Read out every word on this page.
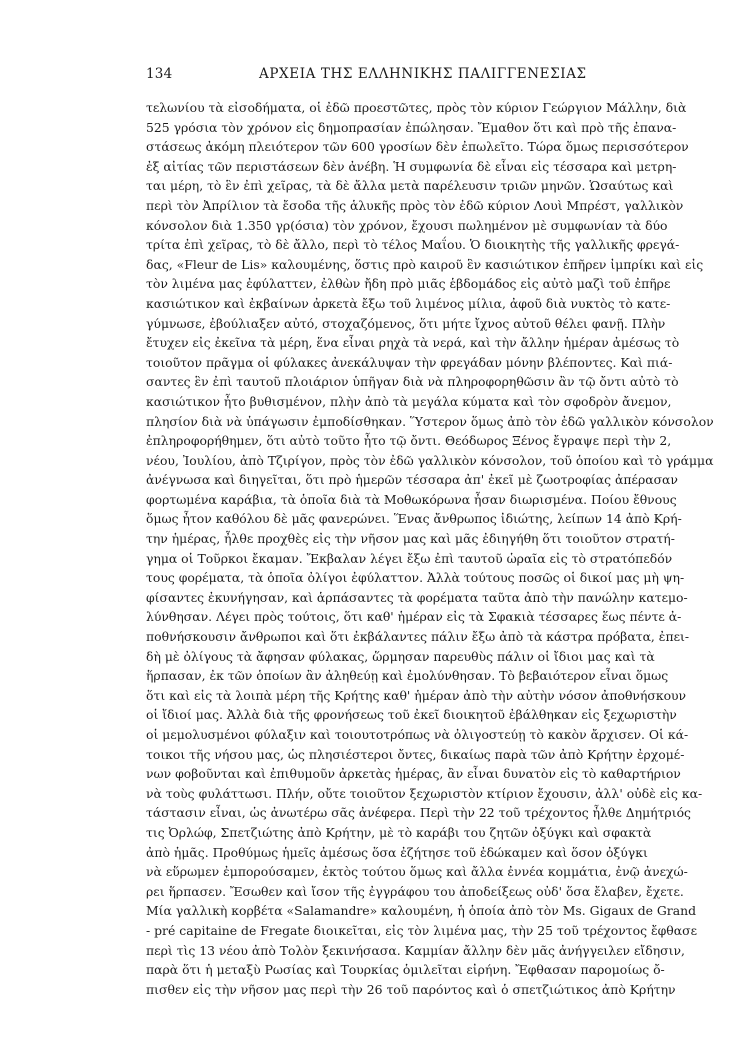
134	ΑΡΧΕΙΑ ΤΗΣ ΕΛΛΗΝΙΚΗΣ ΠΑΛΙΓΓΕΝΕΣΙΑΣ
τελωνίου τὰ εἰσοδήματα, οἱ ἐδῶ προεστῶτες, πρὸς τὸν κύριον Γεώργιον Μάλλην, διὰ
525 γρόσια τὸν χρόνον εἰς δημοπρασίαν ἐπώλησαν. Ἔμαθον ὅτι καὶ πρὸ τῆς ἐπανα-
στάσεως ἀκόμη πλειότερον τῶν 600 γροσίων δὲν ἐπωλεῖτο. Τώρα ὅμως περισσότερον
ἐξ αἰτίας τῶν περιστάσεων δὲν ἀνέβη. Ἡ συμφωνία δὲ εἶναι εἰς τέσσαρα καὶ μετρη-
ται μέρη, τὸ ἓν ἐπὶ χεῖρας, τὰ δὲ ἄλλα μετὰ παρέλευσιν τριῶν μηνῶν. Ὡσαύτως καὶ
περὶ τὸν Ἀπρίλιον τὰ ἔσοδα τῆς ἁλυκῆς πρὸς τὸν ἐδῶ κύριον Λουὶ Μπρέστ, γαλλικὸν
κόνσολον διὰ 1.350 γρ(όσια) τὸν χρόνον, ἔχουσι πωλημένον μὲ συμφωνίαν τὰ δύο
τρίτα ἐπὶ χεῖρας, τὸ δὲ ἄλλο, περὶ τὸ τέλος Μαΐου. Ὁ διοικητὴς τῆς γαλλικῆς φρεγά-
δας, «Fleur de Lis» καλουμένης, ὅστις πρὸ καιροῦ ἓν κασιώτικον ἐπῆρεν ἰμπρίκι καὶ εἰς
τὸν λιμένα μας ἐφύλαττεν, ἐλθὼν ἤδη πρὸ μιᾶς ἑβδομάδος εἰς αὐτὸ μαζὶ τοῦ ἐπῆρε
κασιώτικον καὶ ἐκβαίνων ἀρκετὰ ἔξω τοῦ λιμένος μίλια, ἀφοῦ διὰ νυκτὸς τὸ κατε-
γύμνωσε, ἐβούλιαξεν αὐτό, στοχαζόμενος, ὅτι μήτε ἴχνος αὐτοῦ θέλει φανῇ. Πλὴν
ἔτυχεν εἰς ἐκεῖνα τὰ μέρη, ἕνα εἶναι ρηχὰ τὰ νερά, καὶ τὴν ἄλλην ἡμέραν ἀμέσως τὸ
τοιοῦτον πρᾶγμα οἱ φύλακες ἀνεκάλυψαν τὴν φρεγάδαν μόνην βλέποντες. Καὶ πιά-
σαντες ἓν ἐπὶ ταυτοῦ πλοιάριον ὑπῆγαν διὰ νὰ πληροφορηθῶσιν ἂν τῷ ὄντι αὐτὸ τὸ
κασιώτικον ἦτο βυθισμένον, πλὴν ἀπὸ τὰ μεγάλα κύματα καὶ τὸν σφοδρὸν ἄνεμον,
πλησίον διὰ νὰ ὑπάγωσιν ἐμποδίσθηκαν. Ὕστερον ὅμως ἀπὸ τὸν ἐδῶ γαλλικὸν κόνσολον
ἐπληροφορήθημεν, ὅτι αὐτὸ τοῦτο ἦτο τῷ ὄντι. Θεόδωρος Ξένος ἔγραψε περὶ τὴν 2,
νέου, Ἰουλίου, ἀπὸ Τζιρίγον, πρὸς τὸν ἐδῶ γαλλικὸν κόνσολον, τοῦ ὁποίου καὶ τὸ γράμμα
ἀνέγνωσα καὶ διηγεῖται, ὅτι πρὸ ἡμερῶν τέσσαρα ἀπ' ἐκεῖ μὲ ζωοτροφίας ἀπέρασαν
φορτωμένα καράβια, τὰ ὁποῖα διὰ τὰ Μοθωκόρωνα ἦσαν διωρισμένα. Ποίου ἔθνους
ὅμως ἦτον καθόλου δὲ μᾶς φανερώνει. Ἕνας ἄνθρωπος ἰδιώτης, λείπων 14 ἀπὸ Κρή-
την ἡμέρας, ἦλθε προχθὲς εἰς τὴν νῆσον μας καὶ μᾶς ἐδιηγήθη ὅτι τοιοῦτον στρατή-
γημα οἱ Τοῦρκοι ἔκαμαν. Ἔκβαλαν λέγει ἔξω ἐπὶ ταυτοῦ ὡραῖα εἰς τὸ στρατόπεδόν
τους φορέματα, τὰ ὁποῖα ὀλίγοι ἐφύλαττον. Ἀλλὰ τούτους ποσῶς οἱ δικοί μας μὴ ψη-
φίσαντες ἐκυνήγησαν, καὶ ἁρπάσαντες τὰ φορέματα ταῦτα ἀπὸ τὴν πανώλην κατεμο-
λύνθησαν. Λέγει πρὸς τούτοις, ὅτι καθ' ἡμέραν εἰς τὰ Σφακιὰ τέσσαρες ἕως πέντε ἀ-
ποθνήσκουσιν ἄνθρωποι καὶ ὅτι ἐκβάλαντες πάλιν ἔξω ἀπὸ τὰ κάστρα πρόβατα, ἐπει-
δὴ μὲ ὀλίγους τὰ ἄφησαν φύλακας, ὥρμησαν παρευθὺς πάλιν οἱ ἴδιοι μας καὶ τὰ
ἥρπασαν, ἐκ τῶν ὁποίων ἂν ἀληθεύῃ καὶ ἐμολύνθησαν. Τὸ βεβαιότερον εἶναι ὅμως
ὅτι καὶ εἰς τὰ λοιπὰ μέρη τῆς Κρήτης καθ' ἡμέραν ἀπὸ τὴν αὐτὴν νόσον ἀποθνήσκουν
οἱ ἴδιοί μας. Ἀλλὰ διὰ τῆς φρονήσεως τοῦ ἐκεῖ διοικητοῦ ἐβάλθηκαν εἰς ξεχωριστὴν
οἱ μεμολυσμένοι φύλαξιν καὶ τοιουτοτρόπως νὰ ὀλιγοστεύῃ τὸ κακὸν ἄρχισεν. Οἱ κά-
τοικοι τῆς νήσου μας, ὡς πλησιέστεροι ὄντες, δικαίως παρὰ τῶν ἀπὸ Κρήτην ἐρχομέ-
νων φοβοῦνται καὶ ἐπιθυμοῦν ἀρκετὰς ἡμέρας, ἂν εἶναι δυνατὸν εἰς τὸ καθαρτήριον
νὰ τοὺς φυλάττωσι. Πλήν, οὔτε τοιοῦτον ξεχωριστὸν κτίριον ἔχουσιν, ἀλλ' οὐδὲ εἰς κα-
τάστασιν εἶναι, ὡς ἀνωτέρω σᾶς ἀνέφερα. Περὶ τὴν 22 τοῦ τρέχοντος ἦλθε Δημήτριός
τις Ὀρλώφ, Σπετζιώτης ἀπὸ Κρήτην, μὲ τὸ καράβι του ζητῶν ὀξύγκι καὶ σφακτὰ
ἀπὸ ἡμᾶς. Προθύμως ἡμεῖς ἀμέσως ὅσα ἐζήτησε τοῦ ἐδώκαμεν καὶ ὅσον ὀξύγκι
νὰ εὕρωμεν ἐμπορούσαμεν, ἐκτὸς τούτου ὅμως καὶ ἄλλα ἐννέα κομμάτια, ἐνῷ ἀνεχώ-
ρει ἥρπασεν. Ἔσωθεν καὶ ἴσον τῆς ἐγγράφου του ἀποδείξεως οὐδ' ὅσα ἔλαβεν, ἔχετε.
Μία γαλλικὴ κορβέτα «Salamandre» καλουμένη, ἡ ὁποία ἀπὸ τὸν Ms. Gigaux de Grand
- pré capitaine de Fregate διοικεῖται, εἰς τὸν λιμένα μας, τὴν 25 τοῦ τρέχοντος ἔφθασε
περὶ τὶς 13 νέου ἀπὸ Τολὸν ξεκινήσασα. Καμμίαν ἄλλην δὲν μᾶς ἀνήγγειλεν εἴδησιν,
παρὰ ὅτι ἡ μεταξὺ Ρωσίας καὶ Τουρκίας ὁμιλεῖται εἰρήνη. Ἔφθασαν παρομοίως ὄ-
πισθεν εἰς τὴν νῆσον μας περὶ τὴν 26 τοῦ παρόντος καὶ ὁ σπετζιώτικος ἀπὸ Κρήτην
